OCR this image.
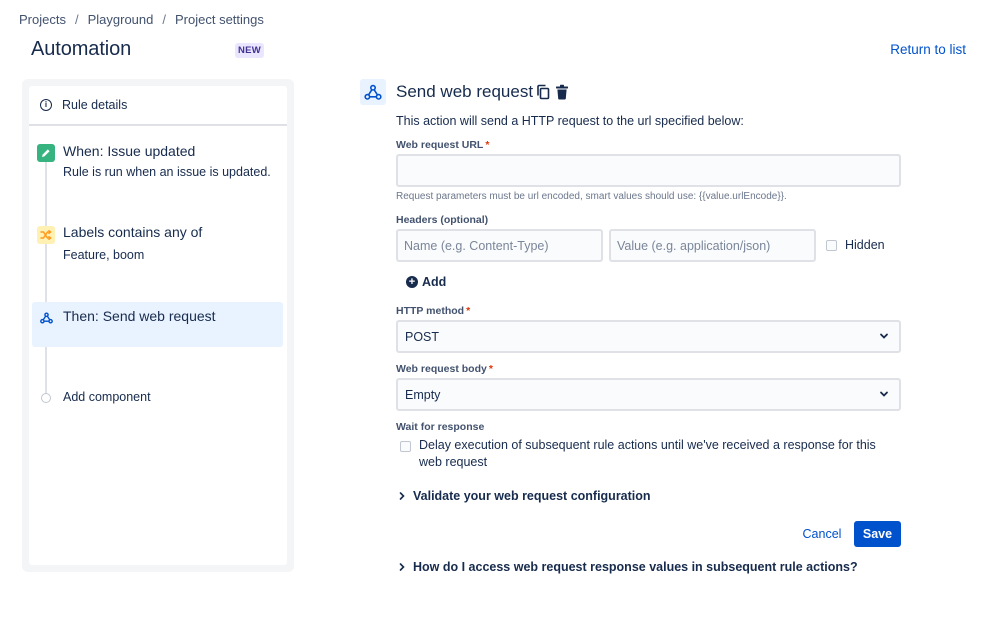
Projects / Playground / Project settings
Automation	NEW	Return to list
i	Rule details
When: Issue updated
Rule is run when an issue is updated.
Labels contains any of
Feature, boom
Then: Send web request
Add component
Send web request

This action will send a HTTP request to the url specified below:

Web request URL *

Request parameters must be url encoded, smart values should use: {{value.urlEncode}}.

Headers (optional)
Name (e.g. Content-Type)
Value (e.g. application/json)
Hidden
+ Add
HTTP method *
POST
Web request body *
Empty
Wait for response

Delay execution of subsequent rule actions until we've received a response for this web request

Validate your web request configuration
Cancel	Save
How do I access web request response values in subsequent rule actions?
